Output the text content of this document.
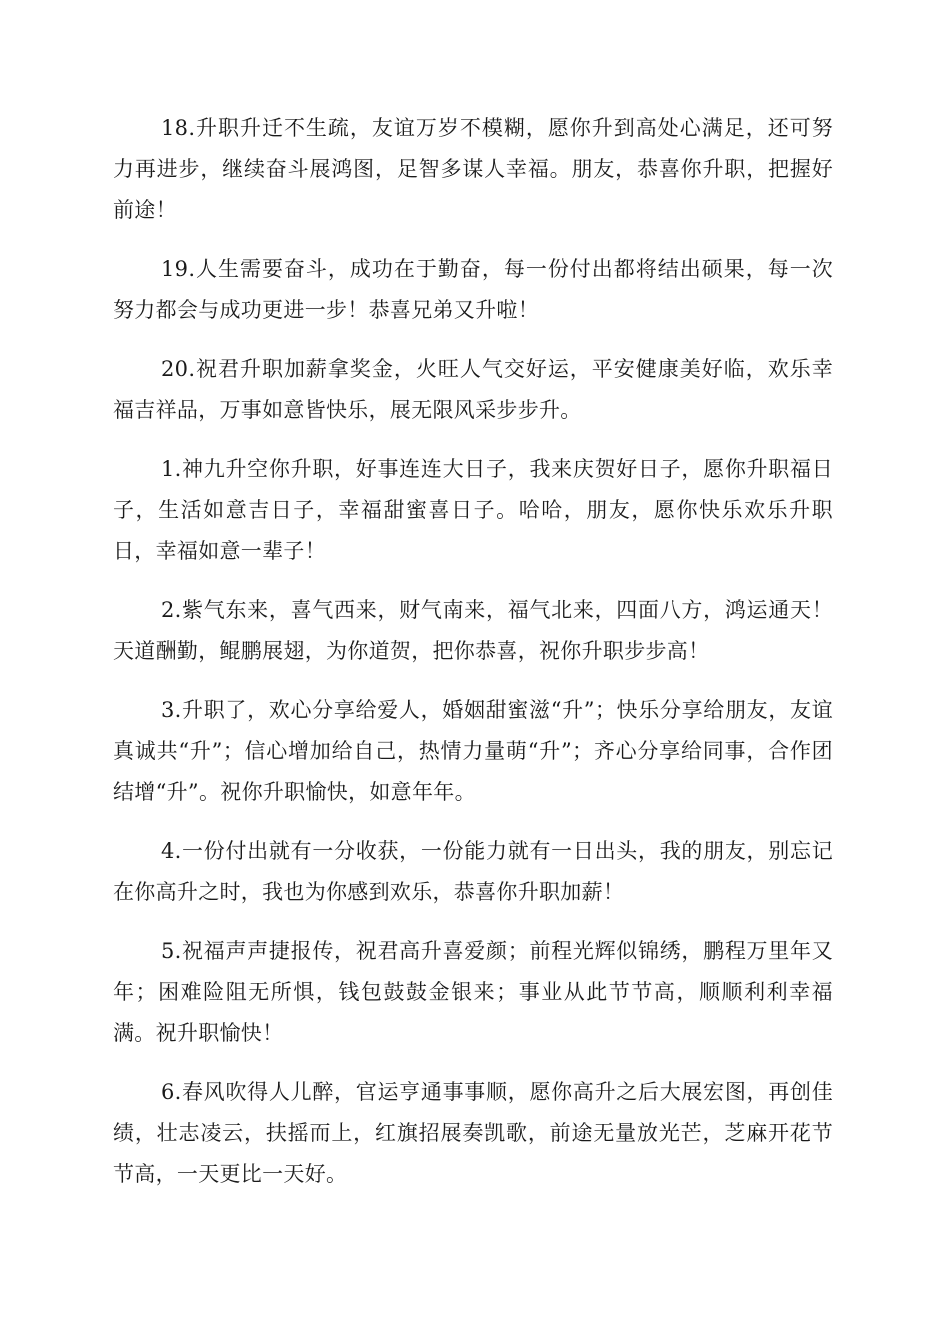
18.升职升迁不生疏，友谊万岁不模糊，愿你升到高处心满足，还可努力再进步，继续奋斗展鸿图，足智多谋人幸福。朋友，恭喜你升职，把握好前途！

19.人生需要奋斗，成功在于勤奋，每一份付出都将结出硕果，每一次努力都会与成功更进一步！恭喜兄弟又升啦！

20.祝君升职加薪拿奖金，火旺人气交好运，平安健康美好临，欢乐幸福吉祥品，万事如意皆快乐，展无限风采步步升。

1.神九升空你升职，好事连连大日子，我来庆贺好日子，愿你升职福日子，生活如意吉日子，幸福甜蜜喜日子。哈哈，朋友，愿你快乐欢乐升职日，幸福如意一辈子！

2.紫气东来，喜气西来，财气南来，福气北来，四面八方，鸿运通天！天道酬勤，鲲鹏展翅，为你道贺，把你恭喜，祝你升职步步高！

3.升职了，欢心分享给爱人，婚姻甜蜜滋“升”；快乐分享给朋友，友谊真诚共“升”；信心增加给自己，热情力量萌“升”；齐心分享给同事，合作团结增“升”。祝你升职愉快，如意年年。

4.一份付出就有一分收获，一份能力就有一日出头，我的朋友，别忘记在你高升之时，我也为你感到欢乐，恭喜你升职加薪！

5.祝福声声捷报传，祝君高升喜爱颜；前程光辉似锦绣，鹏程万里年又年；困难险阻无所惧，钱包鼓鼓金银来；事业从此节节高，顺顺利利幸福满。祝升职愉快！

6.春风吹得人儿醉，官运亨通事事顺，愿你高升之后大展宏图，再创佳绩，壮志凌云，扶摇而上，红旗招展奏凯歌，前途无量放光芒，芝麻开花节节高，一天更比一天好。
